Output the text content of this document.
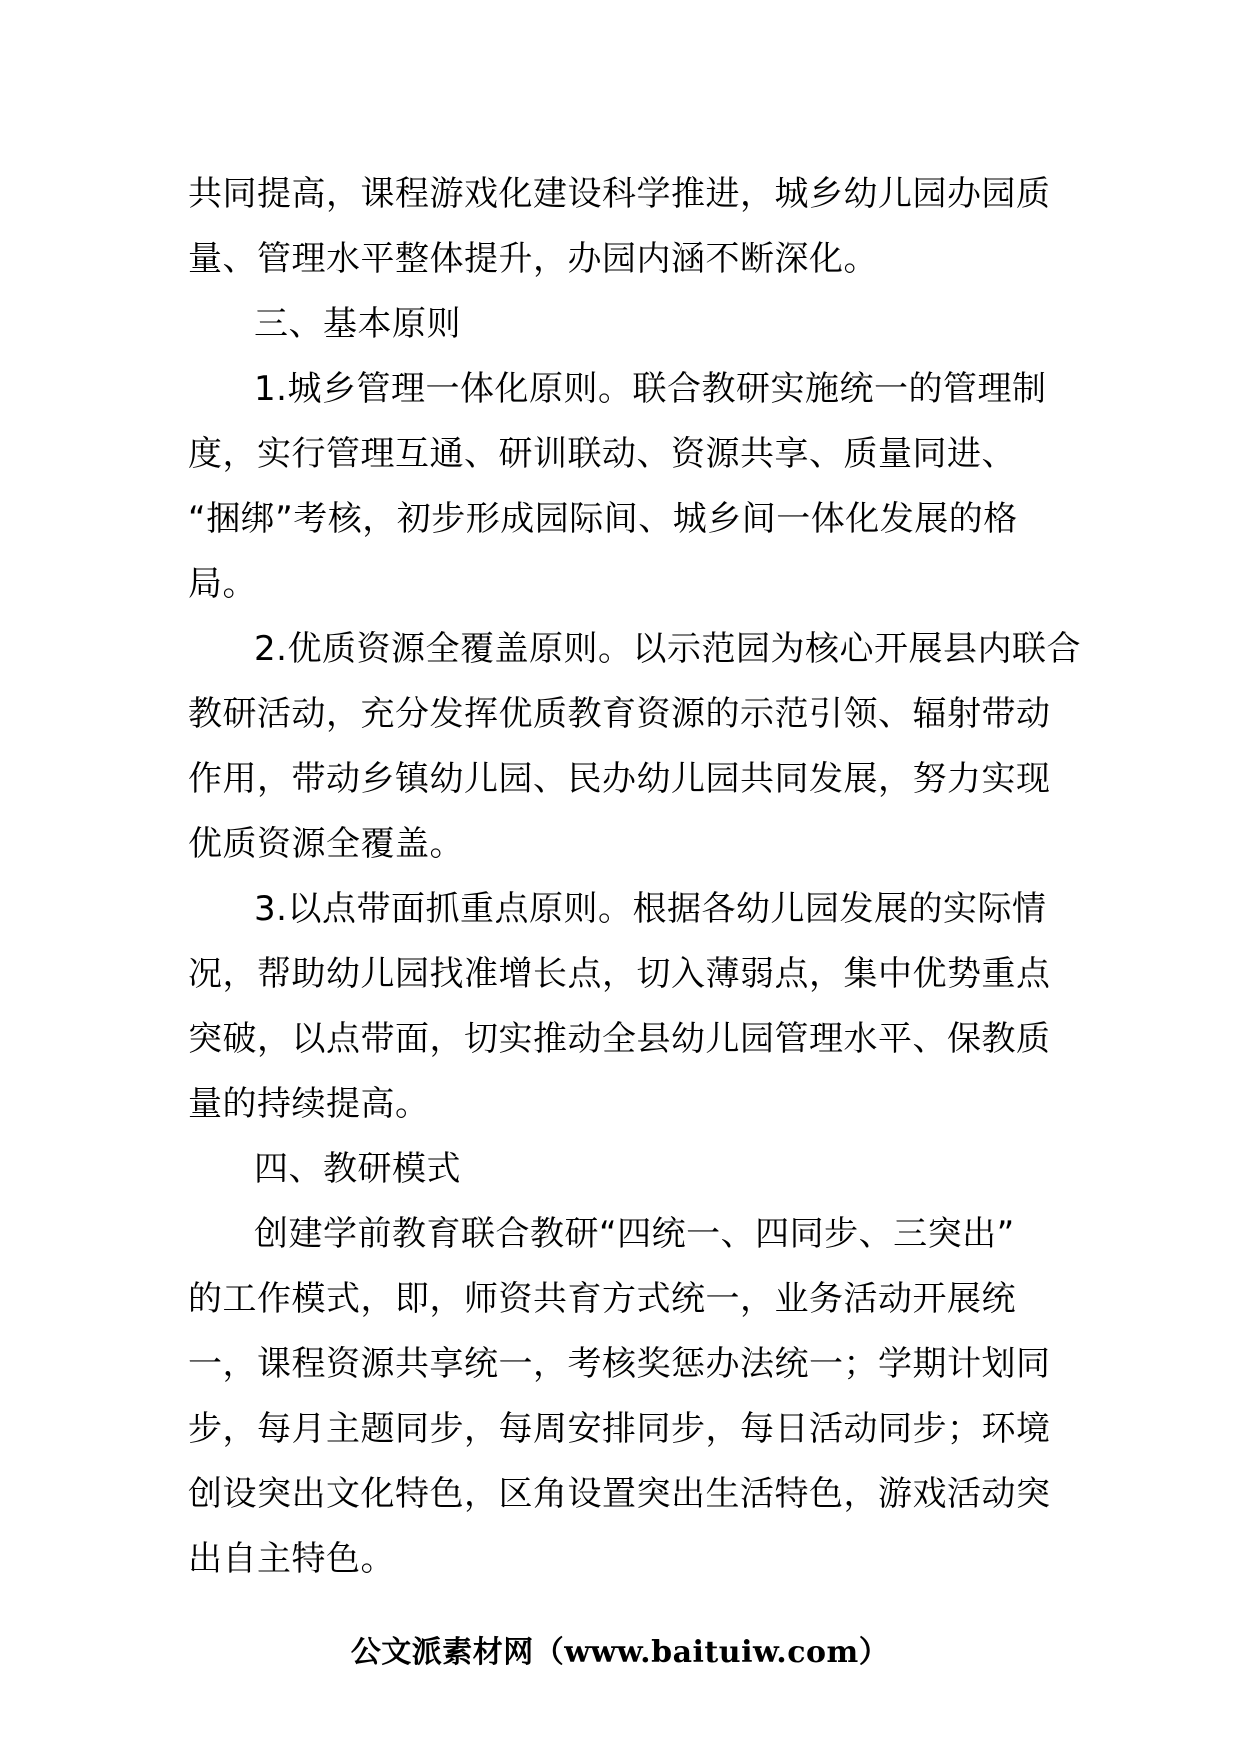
共同提高，课程游戏化建设科学推进，城乡幼儿园办园质
量、管理水平整体提升，办园内涵不断深化。
三、基本原则
1.城乡管理一体化原则。联合教研实施统一的管理制
度，实行管理互通、研训联动、资源共享、质量同进、
“捆绑”考核，初步形成园际间、城乡间一体化发展的格
局。
2.优质资源全覆盖原则。以示范园为核心开展县内联合
教研活动，充分发挥优质教育资源的示范引领、辐射带动
作用，带动乡镇幼儿园、民办幼儿园共同发展，努力实现
优质资源全覆盖。
3.以点带面抓重点原则。根据各幼儿园发展的实际情
况，帮助幼儿园找准增长点，切入薄弱点，集中优势重点
突破，以点带面，切实推动全县幼儿园管理水平、保教质
量的持续提高。
四、教研模式
创建学前教育联合教研“四统一、四同步、三突出”
的工作模式，即，师资共育方式统一，业务活动开展统
一，课程资源共享统一，考核奖惩办法统一；学期计划同
步，每月主题同步，每周安排同步，每日活动同步；环境
创设突出文化特色，区角设置突出生活特色，游戏活动突
出自主特色。
公文派素材网（www.baituiw.com）
